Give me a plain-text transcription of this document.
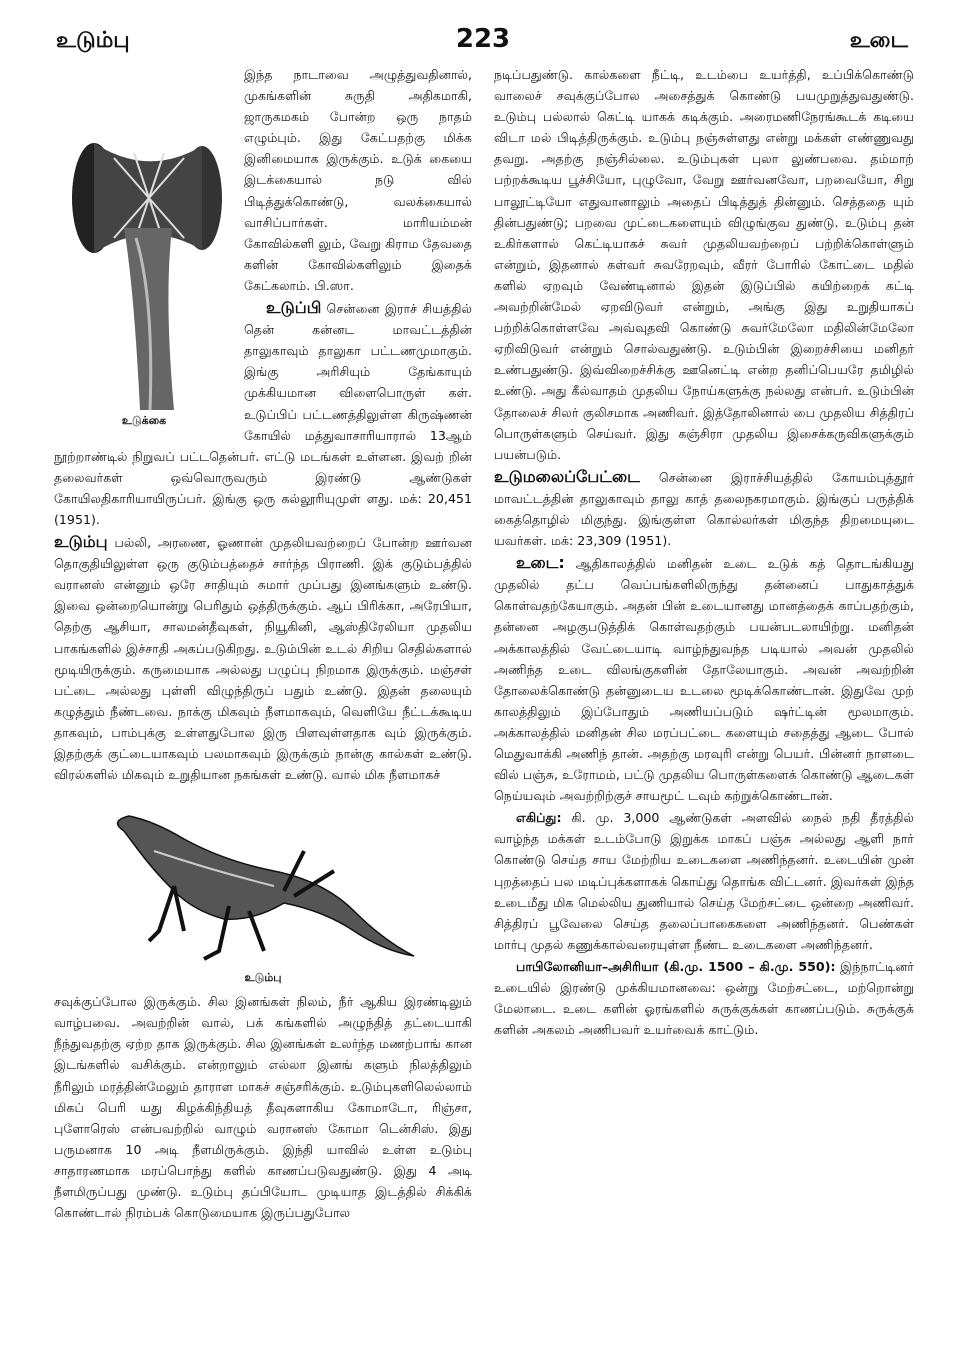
உடும்பு	223	உடை
உடுக்கை

இந்த நாடாவை அழுத்துவதினால், முகங்களின் சுருதி அதிகமாகி, ஜாருகமகம் போன்ற ஒரு நாதம் எழும்பும். இது கேட்பதற்கு மிக்க இனிமையாக இருக்கும். உடுக் கையை இடக்கையால் நடு வில் பிடித்துக்கொண்டு, வலக்கையால் வாசிப்பார்கள். மாரியம்மன் கோவில்களி லும், வேறு கிராம தேவதை களின் கோவில்களிலும் இதைக் கேட்கலாம். பி.ஸா.

உடுப்பி சென்னை இராச் சியத்தில் தென் கன்னட மாவட்டத்தின் தாலுகாவும் தாலுகா பட்டணமுமாகும். இங்கு அரிசியும் தேங்காயும் முக்கியமான விளைபொருள் கள். உடுப்பிப் பட்டணத்திலுள்ள கிருஷ்ணன் கோயில் மத்துவாசாரியாரால் 13ஆம் நூற்றாண்டில் நிறுவப் பட்டதென்பர். எட்டு மடங்கள் உள்ளன. இவற் றின் தலைவர்கள் ஒவ்வொருவரும் இரண்டு ஆண்டுகள் கோயிலதிகாரியாயிருப்பர். இங்கு ஒரு கல்லூரியுமுள் ளது. மக்: 20,451 (1951).

உடும்பு பல்லி, அரணை, ஓணான் முதலியவற்றைப் போன்ற ஊர்வன தொகுதியிலுள்ள ஒரு குடும்பத்தைச் சார்ந்த பிராணி. இக் குடும்பத்தில் வரானஸ் என்னும் ஒரே சாதியும் சுமார் முப்பது இனங்களும் உண்டு. இவை ஒன்றையொன்று பெரிதும் ஒத்திருக்கும். ஆப் பிரிக்கா, அரேபியா, தெற்கு ஆசியா, சாலமன்தீவுகள், நியூகினி, ஆஸ்திரேலியா முதலிய பாகங்களில் இச்சாதி அகப்படுகிறது. உடும்பின் உடல் சிறிய செதில்களால் மூடியிருக்கும். கருமையாக அல்லது பழுப்பு நிறமாக இருக்கும். மஞ்சள் பட்டை அல்லது புள்ளி விழுந்திருப் பதும் உண்டு. இதன் தலையும் கழுத்தும் நீண்டவை. நாக்கு மிகவும் நீளமாகவும், வெளியே நீட்டக்கூடிய தாகவும், பாம்புக்கு உள்ளதுபோல இரு பிளவுள்ளதாக வும் இருக்கும். இதற்குக் குட்டையாகவும் பலமாகவும் இருக்கும் நான்கு கால்கள் உண்டு. விரல்களில் மிகவும் உறுதியான நகங்கள் உண்டு. வால் மிக நீளமாகச்

உடும்பு

சவுக்குப்போல இருக்கும். சில இனங்கள் நிலம், நீர் ஆகிய இரண்டிலும் வாழ்பவை. அவற்றின் வால், பக் கங்களில் அழுந்தித் தட்டையாகி நீந்துவதற்கு ஏற்ற தாக இருக்கும். சில இனங்கள் உலர்ந்த மணற்பாங் கான இடங்களில் வசிக்கும். என்றாலும் எல்லா இனங் களும் நிலத்திலும் நீரிலும் மரத்தின்மேலும் தாராள மாகச் சஞ்சரிக்கும். உடும்புகளிலெல்லாம் மிகப் பெரி யது கிழக்கிந்தியத் தீவுகளாகிய கோமாடோ, ரிஞ்சா, புளோரெஸ் என்பவற்றில் வாழும் வரானஸ் கோமா டென்சிஸ். இது பருமனாக 10 அடி நீளமிருக்கும். இந்தி யாவில் உள்ள உடும்பு சாதாரணமாக மரப்பொந்து களில் காணப்படுவதுண்டு. இது 4 அடி நீளமிருப்பது முண்டு. உடும்பு தப்பியோட முடியாத இடத்தில் சிக்கிக் கொண்டால் நிரம்பக் கொடுமையாக இருப்பதுபோல

நடிப்பதுண்டு. கால்களை நீட்டி, உடம்பை உயர்த்தி, உப்பிக்கொண்டு வாலைச் சவுக்குப்போல அசைத்துக் கொண்டு பயமுறுத்துவதுண்டு. உடும்பு பல்லால் கெட்டி யாகக் கடிக்கும். அரைமணிநேரங்கூடக் கடியை விடா மல் பிடித்திருக்கும். உடும்பு நஞ்சுள்ளது என்று மக்கள் எண்ணுவது தவறு. அதற்கு நஞ்சில்லை. உடும்புகள் புலா லுண்பவை. தம்மாற் பற்றக்கூடிய பூச்சியோ, புழுவோ, வேறு ஊர்வனவோ, பறவையோ, சிறு பாலூட்டியோ எதுவானாலும் அதைப் பிடித்துத் தின்னும். செத்ததை யும் தின்பதுண்டு; பறவை முட்டைகளையும் விழுங்குவ துண்டு. உடும்பு தன் உகிர்களால் கெட்டியாகச் சுவர் முதலியவற்றைப் பற்றிக்கொள்ளும் என்றும், இதனால் கள்வர் சுவரேறவும், வீரர் போரில் கோட்டை மதில் களில் ஏறவும் வேண்டினால் இதன் இடுப்பில் கயிற்றைக் கட்டி அவற்றின்மேல் ஏறவிடுவர் என்றும், அங்கு இது உறுதியாகப் பற்றிக்கொள்ளவே அவ்வுதவி கொண்டு சுவர்மேலோ மதிலின்மேலோ ஏறிவிடுவர் என்றும் சொல்வதுண்டு. உடும்பின் இறைச்சியை மனிதர் உண்பதுண்டு. இவ்விறைச்சிக்கு ஊனெட்டி என்ற தனிப்பெயரே தமிழில் உண்டு. அது கீல்வாதம் முதலிய நோய்களுக்கு நல்லது என்பர். உடும்பின் தோலைச் சிலர் குலிசமாக அணிவர். இத்தோலினால் பை முதலிய சித்திரப் பொருள்களும் செய்வர். இது கஞ்சிரா முதலிய இசைக்கருவிகளுக்கும் பயன்படும்.

உடுமலைப்பேட்டை சென்னை இராச்சியத்தில் கோயம்புத்தூர் மாவட்டத்தின் தாலுகாவும் தாலு காத் தலைநகரமாகும். இங்குப் பருத்திக் கைத்தொழில் மிகுந்து. இங்குள்ள கொல்லர்கள் மிகுந்த திறமையுடை யவர்கள். மக்: 23,309 (1951).

உடை: ஆதிகாலத்தில் மனிதன் உடை உடுக் கத் தொடங்கியது முதலில் தட்ப வெப்பங்களிலிருந்து தன்னைப் பாதுகாத்துக் கொள்வதற்கேயாகும். அதன் பின் உடையானது மானத்தைக் காப்பதற்கும், தன்னை அழகுபடுத்திக் கொள்வதற்கும் பயன்படலாயிற்று. மனிதன் அக்காலத்தில் வேட்டையாடி வாழ்ந்துவந்த படியால் அவன் முதலில் அணிந்த உடை விலங்குகளின் தோலேயாகும். அவன் அவற்றின் தோலைக்கொண்டு தன்னுடைய உடலை மூடிக்கொண்டான். இதுவே முற் காலத்திலும் இப்போதும் அணியப்படும் ஷர்ட்டின் மூலமாகும். அக்காலத்தில் மனிதன் சில மரப்பட்டை களையும் சதைத்து ஆடை போல் மெதுவாக்கி அணிந் தான். அதற்கு மரவுரி என்று பெயர். பின்னர் நாளடை வில் பஞ்சு, உரோமம், பட்டு முதலிய பொருள்களைக் கொண்டு ஆடைகள் நெய்யவும் அவற்றிற்குச் சாயமூட் டவும் கற்றுக்கொண்டான்.

எகிப்து: கி. மு. 3,000 ஆண்டுகள் அளவில் நைல் நதி தீரத்தில் வாழ்ந்த மக்கள் உடம்போடு இறுக்க மாகப் பஞ்சு அல்லது ஆளி நார் கொண்டு செய்த சாய மேற்றிய உடைகளை அணிந்தனர். உடையின் முன் புறத்தைப் பல மடிப்புக்களாகக் கொய்து தொங்க விட்டனர். இவர்கள் இந்த உடைமீது மிக மெல்லிய துணியால் செய்த மேற்சட்டை ஒன்றை அணிவர். சித்திரப் பூவேலை செய்த தலைப்பாகைகளை அணிந்தனர். பெண்கள் மார்பு முதல் கணுக்கால்வரையுள்ள நீண்ட உடைகளை அணிந்தனர்.

பாபிலோனியா–அசிரியா (கி.மு. 1500 – கி.மு. 550): இந்நாட்டினர் உடையில் இரண்டு முக்கியமானவை: ஒன்று மேற்சட்டை, மற்றொன்று மேலாடை. உடை களின் ஓரங்களில் சுருக்குக்கள் காணப்படும். சுருக்குக் களின் அகலம் அணிபவர் உயர்வைக் காட்டும்.
